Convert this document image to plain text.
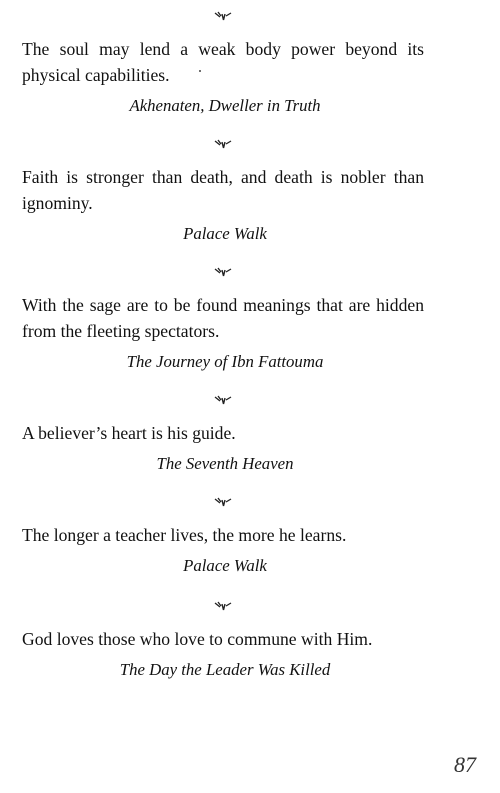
The soul may lend a weak body power beyond its physical capabilities.

Akhenaten, Dweller in Truth

Faith is stronger than death, and death is nobler than ignominy.

Palace Walk

With the sage are to be found meanings that are hidden from the fleeting spectators.

The Journey of Ibn Fattouma

A believer’s heart is his guide.

The Seventh Heaven

The longer a teacher lives, the more he learns.

Palace Walk

God loves those who love to commune with Him.

The Day the Leader Was Killed
87
